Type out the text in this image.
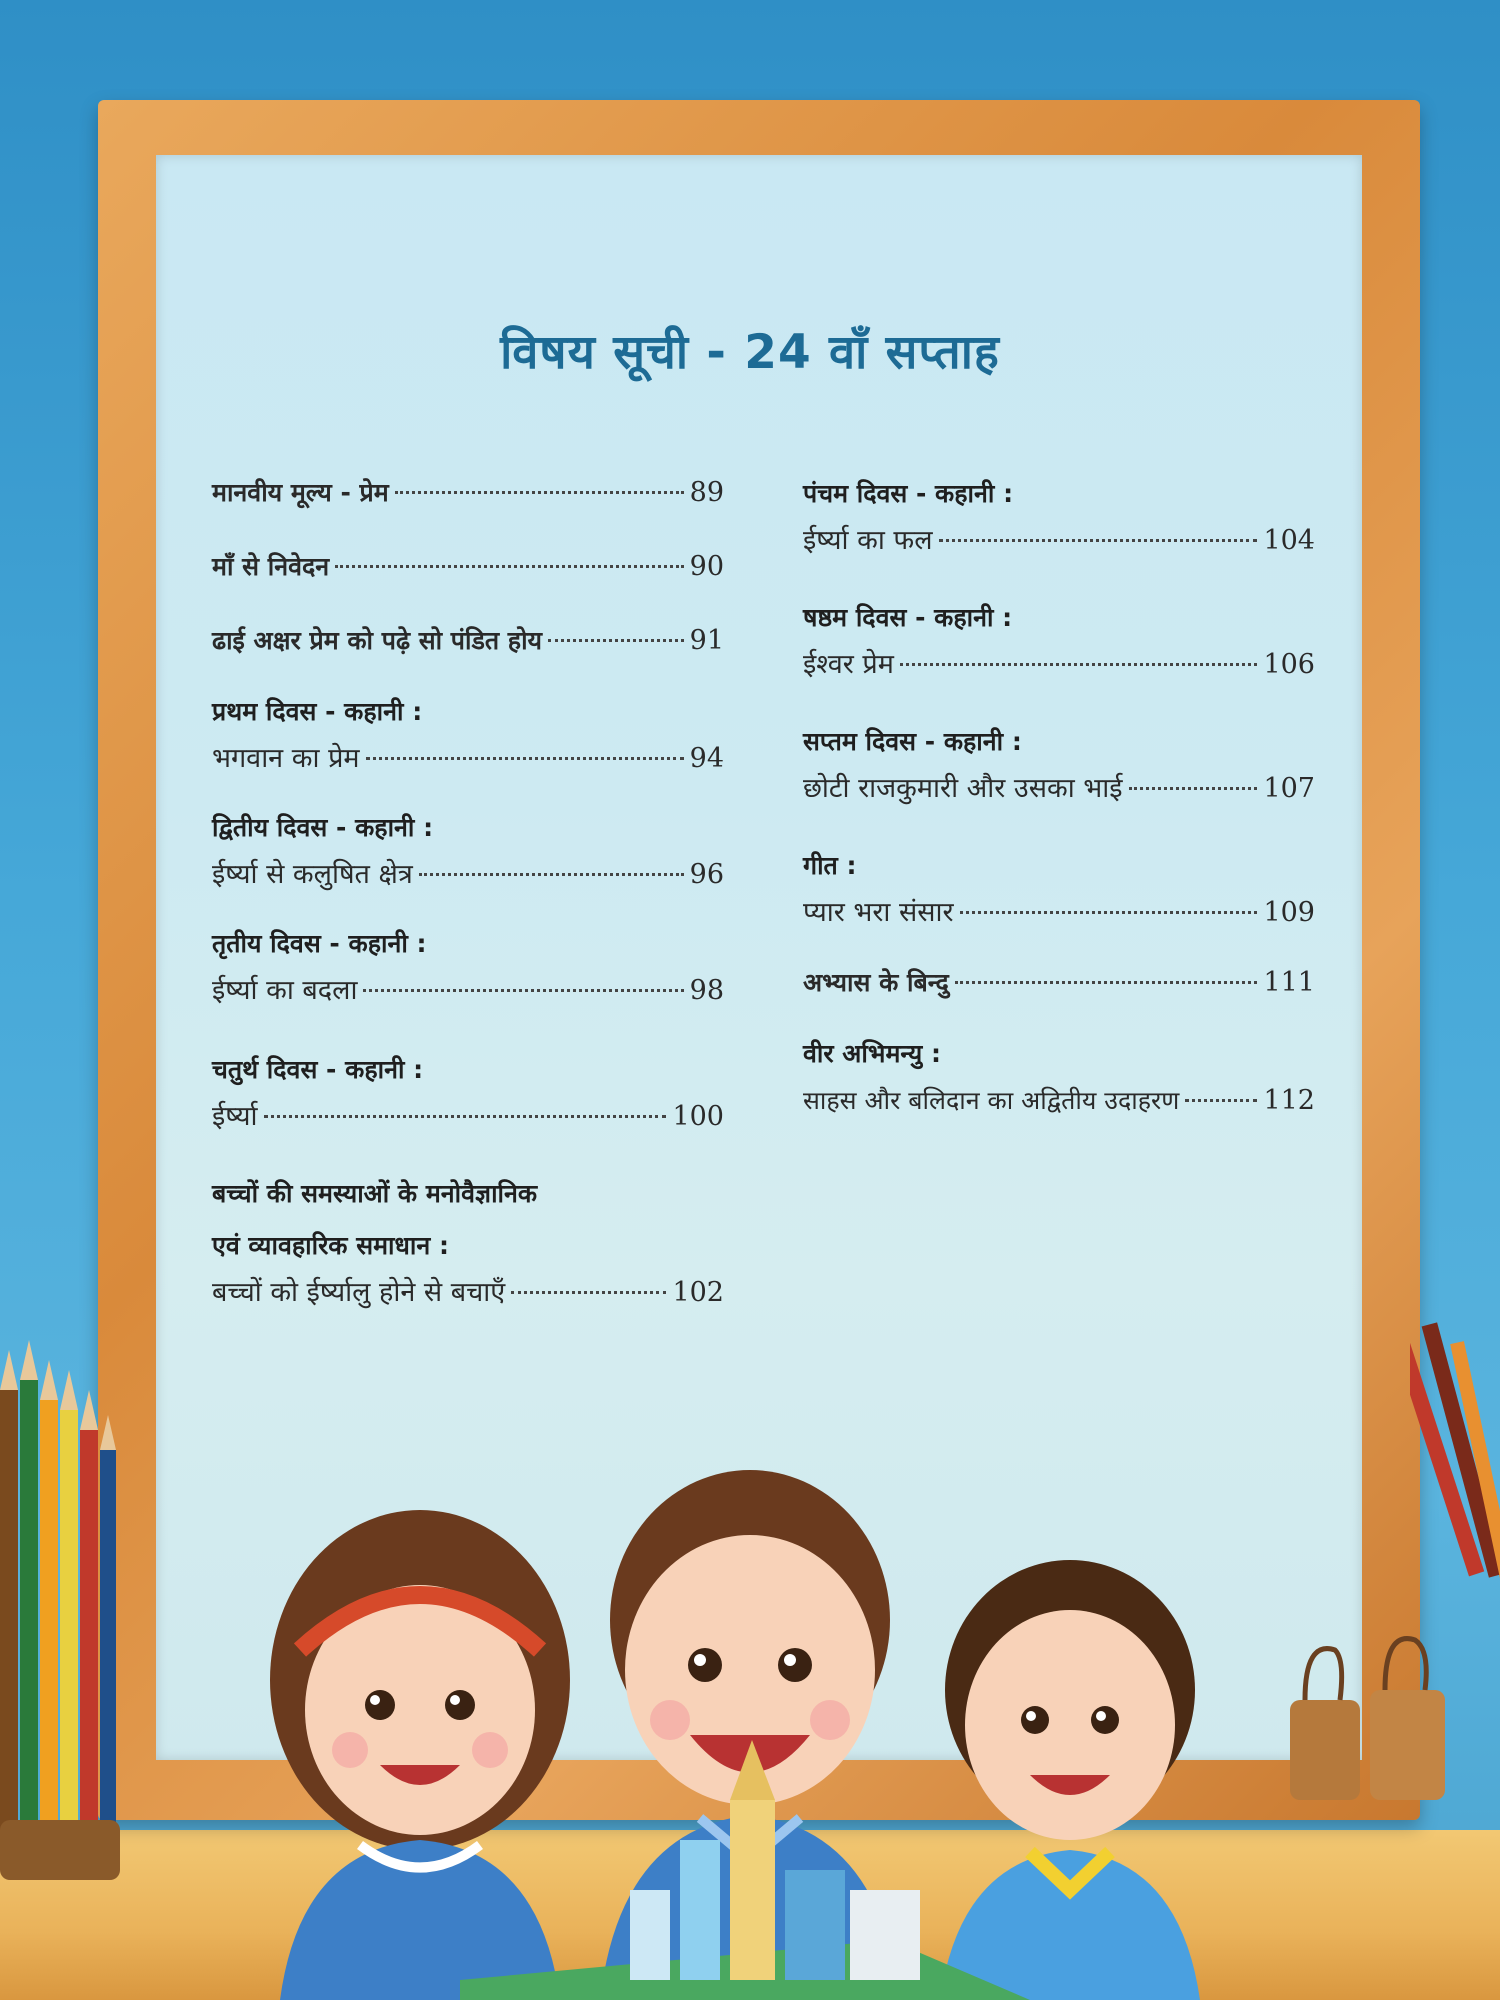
विषय सूची - 24 वाँ सप्ताह
मानवीय मूल्य - प्रेम	89
माँ से निवेदन	90
ढाई अक्षर प्रेम को पढ़े सो पंडित होय	91
प्रथम दिवस - कहानी :
भगवान का प्रेम	94
द्वितीय दिवस - कहानी :
ईर्ष्या से कलुषित क्षेत्र	96
तृतीय दिवस - कहानी :
ईर्ष्या का बदला	98
चतुर्थ दिवस - कहानी :
ईर्ष्या	100
बच्चों की समस्याओं के मनोवैज्ञानिक
एवं व्यावहारिक समाधान :
बच्चों को ईर्ष्यालु होने से बचाएँ	102
पंचम दिवस - कहानी :
ईर्ष्या का फल	104
षष्ठम दिवस - कहानी :
ईश्वर प्रेम	106
सप्तम दिवस - कहानी :
छोटी राजकुमारी और उसका भाई	107
गीत :
प्यार भरा संसार	109
अभ्यास के बिन्दु	111
वीर अभिमन्यु :
साहस और बलिदान का अद्वितीय उदाहरण	112
